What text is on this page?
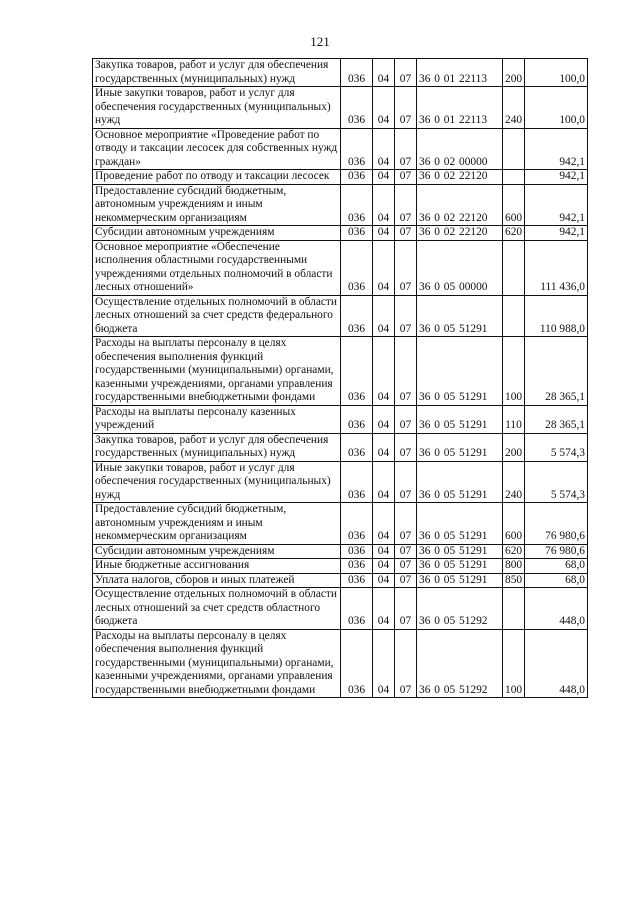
121
Закупка товаров, работ и услуг для обеспечения государственных (муниципальных) нужд	036	04	07	36 0 01 22113	200	100,0
Иные закупки товаров, работ и услуг для обеспечения государственных (муниципальных) нужд	036	04	07	36 0 01 22113	240	100,0
Основное мероприятие «Проведение работ по отводу и таксации лесосек для собственных нужд граждан»	036	04	07	36 0 02 00000		942,1
Проведение работ по отводу и таксации лесосек	036	04	07	36 0 02 22120		942,1
Предоставление субсидий бюджетным, автономным учреждениям и иным некоммерческим организациям	036	04	07	36 0 02 22120	600	942,1
Субсидии автономным учреждениям	036	04	07	36 0 02 22120	620	942,1
Основное мероприятие «Обеспечение исполнения областными государственными учреждениями отдельных полномочий в области лесных отношений»	036	04	07	36 0 05 00000		111 436,0
Осуществление отдельных полномочий в области лесных отношений за счет средств федерального бюджета	036	04	07	36 0 05 51291		110 988,0
Расходы на выплаты персоналу в целях обеспечения выполнения функций государственными (муниципальными) органами, казенными учреждениями, органами управления государственными внебюджетными фондами	036	04	07	36 0 05 51291	100	28 365,1
Расходы на выплаты персоналу казенных учреждений	036	04	07	36 0 05 51291	110	28 365,1
Закупка товаров, работ и услуг для обеспечения государственных (муниципальных) нужд	036	04	07	36 0 05 51291	200	5 574,3
Иные закупки товаров, работ и услуг для обеспечения государственных (муниципальных) нужд	036	04	07	36 0 05 51291	240	5 574,3
Предоставление субсидий бюджетным, автономным учреждениям и иным некоммерческим организациям	036	04	07	36 0 05 51291	600	76 980,6
Субсидии автономным учреждениям	036	04	07	36 0 05 51291	620	76 980,6
Иные бюджетные ассигнования	036	04	07	36 0 05 51291	800	68,0
Уплата налогов, сборов и иных платежей	036	04	07	36 0 05 51291	850	68,0
Осуществление отдельных полномочий в области лесных отношений за счет средств областного бюджета	036	04	07	36 0 05 51292		448,0
Расходы на выплаты персоналу в целях обеспечения выполнения функций государственными (муниципальными) органами, казенными учреждениями, органами управления государственными внебюджетными фондами	036	04	07	36 0 05 51292	100	448,0
